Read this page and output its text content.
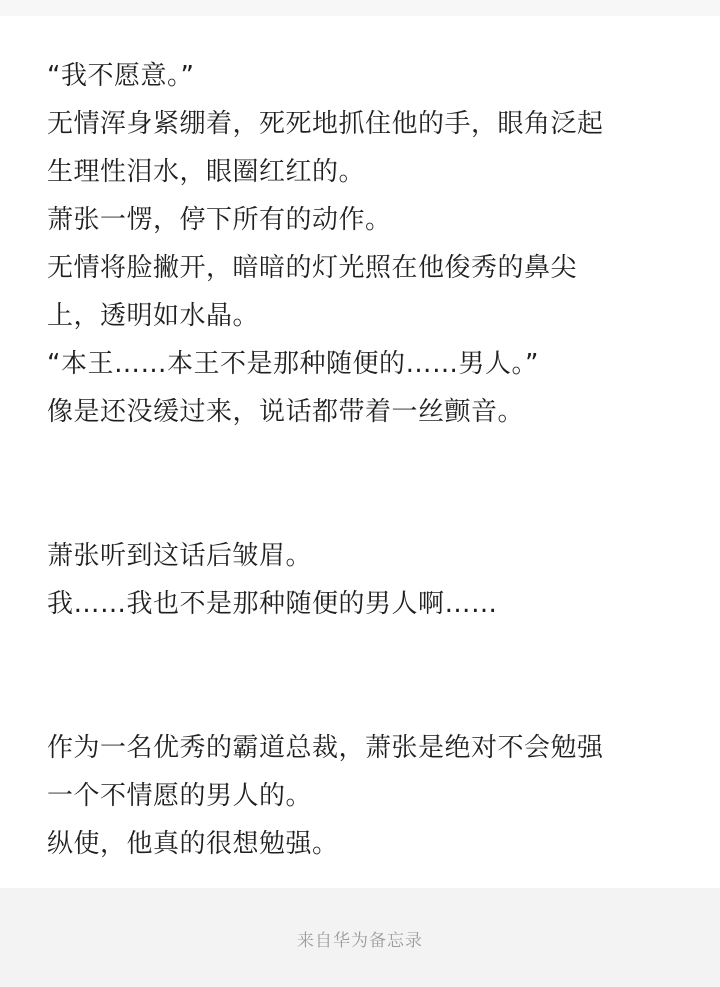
“我不愿意。”
无情浑身紧绷着，死死地抓住他的手，眼角泛起
生理性泪水，眼圈红红的。
萧张一愣，停下所有的动作。
无情将脸撇开，暗暗的灯光照在他俊秀的鼻尖
上，透明如水晶。
“本王……本王不是那种随便的……男人。”
像是还没缓过来，说话都带着一丝颤音。
萧张听到这话后皱眉。
我……我也不是那种随便的男人啊……
作为一名优秀的霸道总裁，萧张是绝对不会勉强
一个不情愿的男人的。
纵使，他真的很想勉强。
来自华为备忘录
